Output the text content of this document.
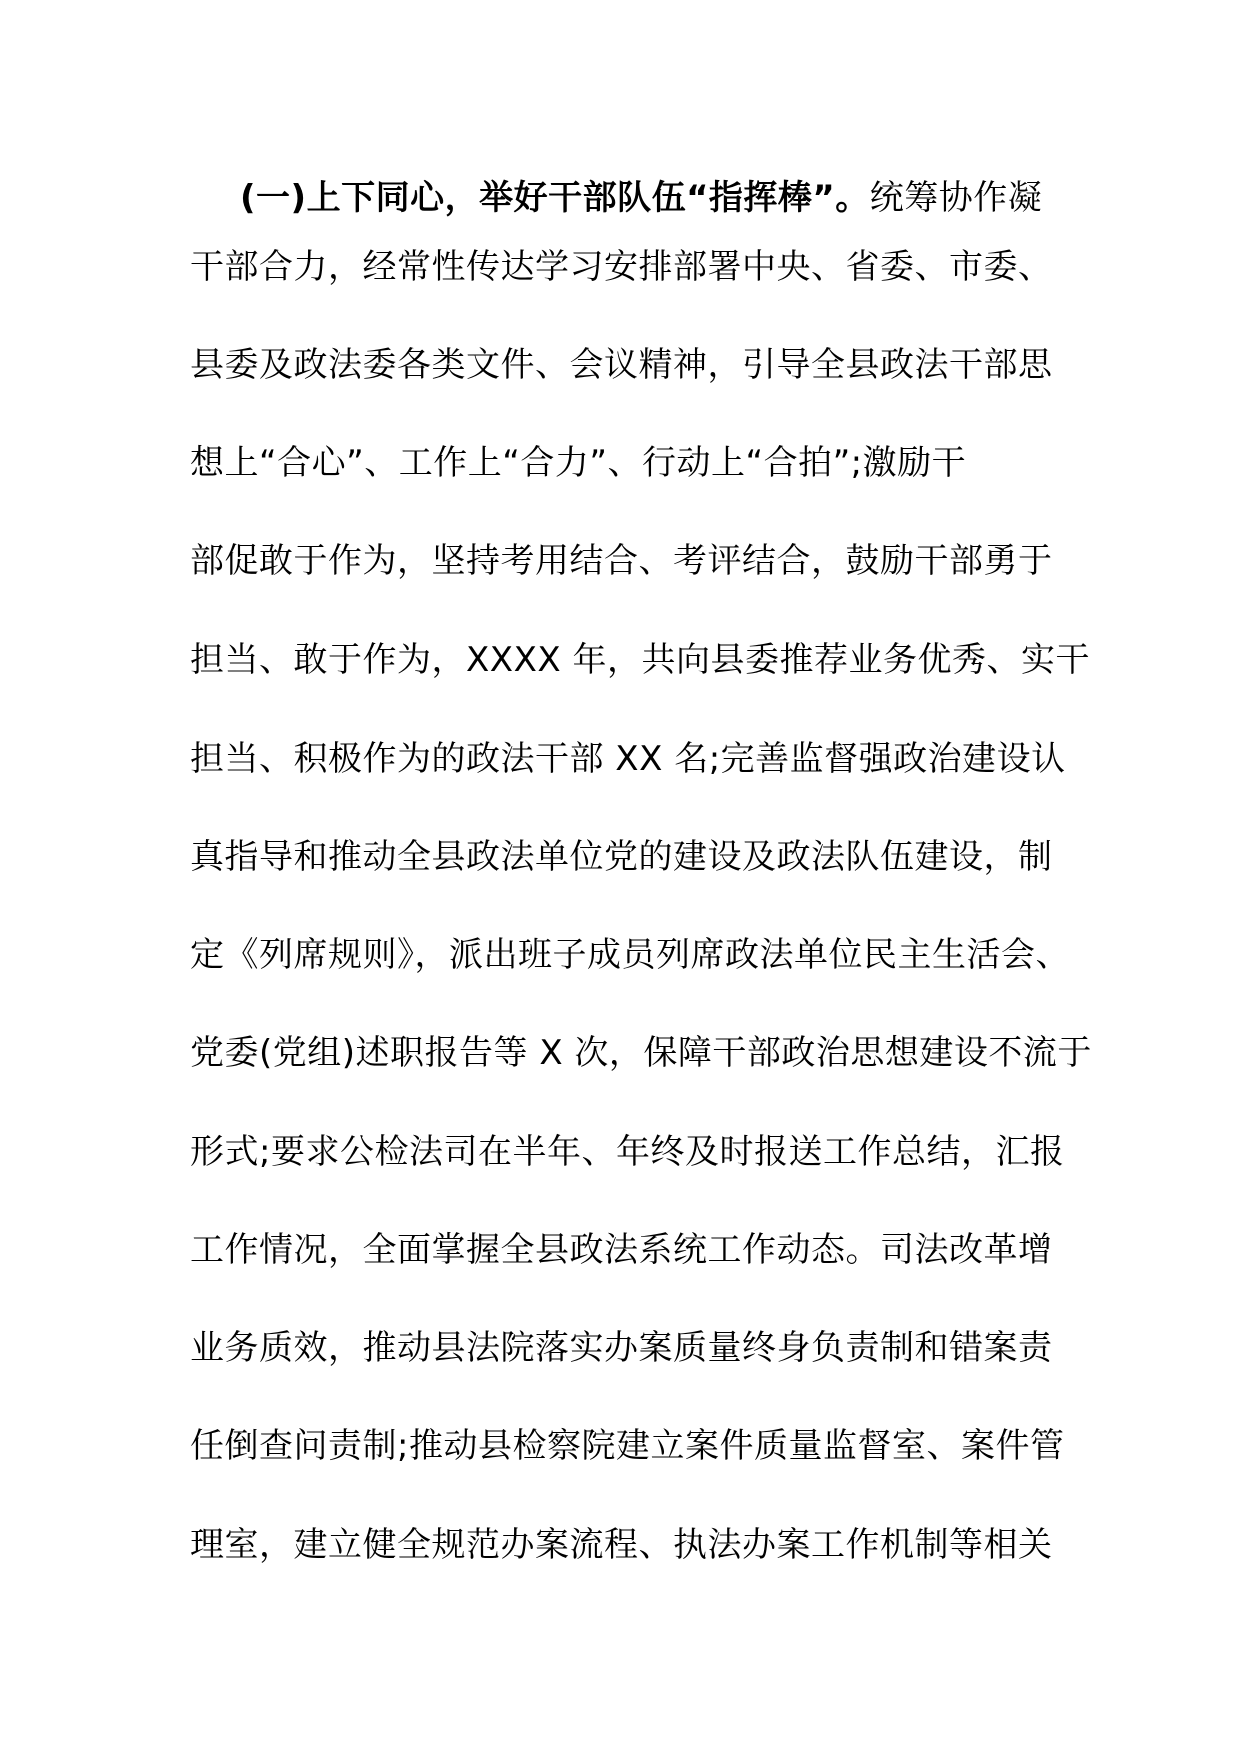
(一)上下同心，举好干部队伍“指挥棒”。统筹协作凝
干部合力，经常性传达学习安排部署中央、省委、市委、
县委及政法委各类文件、会议精神，引导全县政法干部思
想上“合心”、工作上“合力”、行动上“合拍”;激励干
部促敢于作为，坚持考用结合、考评结合，鼓励干部勇于
担当、敢于作为，XXXX 年，共向县委推荐业务优秀、实干
担当、积极作为的政法干部 XX 名;完善监督强政治建设认
真指导和推动全县政法单位党的建设及政法队伍建设，制
定《列席规则》，派出班子成员列席政法单位民主生活会、
党委(党组)述职报告等 X 次，保障干部政治思想建设不流于
形式;要求公检法司在半年、年终及时报送工作总结，汇报
工作情况，全面掌握全县政法系统工作动态。司法改革增
业务质效，推动县法院落实办案质量终身负责制和错案责
任倒查问责制;推动县检察院建立案件质量监督室、案件管
理室，建立健全规范办案流程、执法办案工作机制等相关
